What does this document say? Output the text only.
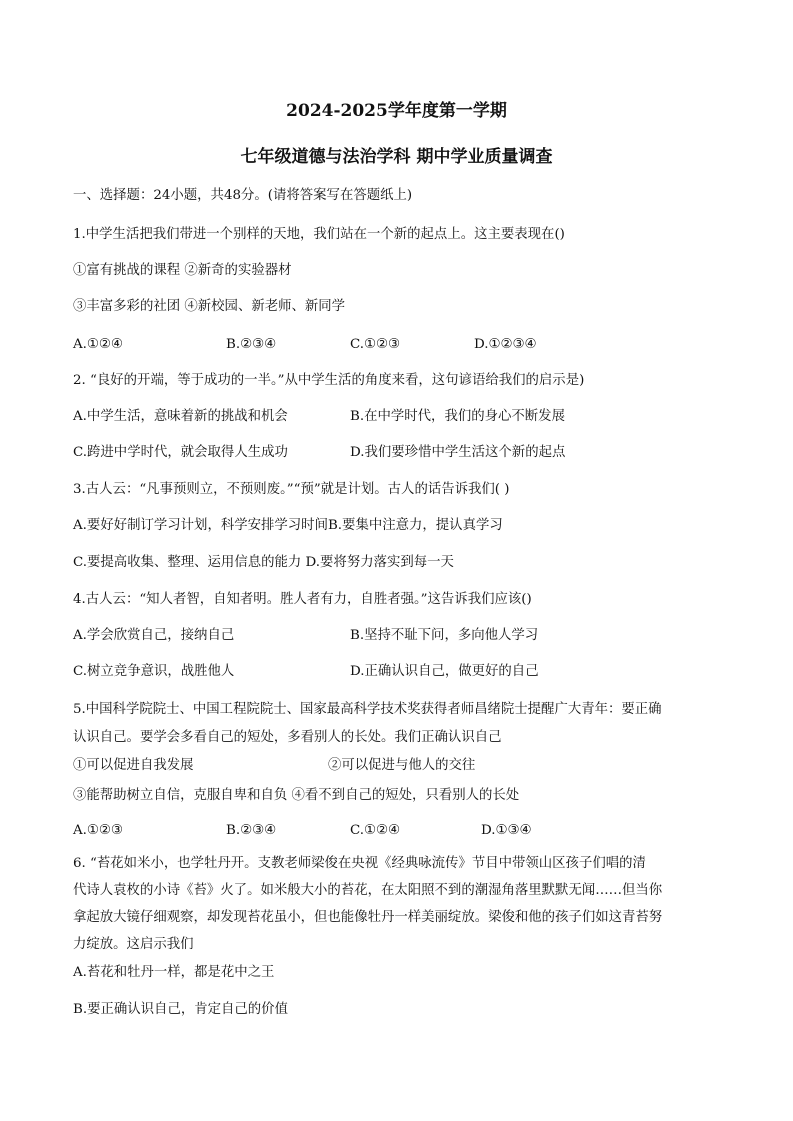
2024-2025学年度第一学期
七年级道德与法治学科 期中学业质量调查
一、选择题：24小题，共48分。(请将答案写在答题纸上)
1.中学生活把我们带进一个别样的天地，我们站在一个新的起点上。这主要表现在()
①富有挑战的课程 ②新奇的实验器材
③丰富多彩的社团 ④新校园、新老师、新同学
A.①②④	B.②③④	C.①②③	D.①②③④
2. “良好的开端，等于成功的一半。”从中学生活的角度来看，这句谚语给我们的启示是)
A.中学生活，意味着新的挑战和机会	B.在中学时代，我们的身心不断发展
C.跨进中学时代，就会取得人生成功	D.我们要珍惜中学生活这个新的起点
3.古人云：“凡事预则立，不预则废。”“预”就是计划。古人的话告诉我们( )
A.要好好制订学习计划，科学安排学习时间B.要集中注意力，提认真学习
C.要提高收集、整理、运用信息的能力 D.要将努力落实到每一天
4.古人云：“知人者智，自知者明。胜人者有力，自胜者强。”这告诉我们应该()
A.学会欣赏自己，接纳自己	B.坚持不耻下问，多向他人学习
C.树立竞争意识，战胜他人	D.正确认识自己，做更好的自己
5.中国科学院院士、中国工程院院士、国家最高科学技术奖获得者师昌绪院士提醒广大青年：要正确
认识自己。要学会多看自己的短处，多看别人的长处。我们正确认识自己
①可以促进自我发展	②可以促进与他人的交往
③能帮助树立自信，克服自卑和自负 ④看不到自己的短处，只看别人的长处
A.①②③	B.②③④	C.①②④	D.①③④
6. “苔花如米小，也学牡丹开。支教老师梁俊在央视《经典咏流传》节目中带领山区孩子们唱的清
代诗人袁枚的小诗《苔》火了。如米般大小的苔花，在太阳照不到的潮湿角落里默默无闻……但当你
拿起放大镜仔细观察，却发现苔花虽小，但也能像牡丹一样美丽绽放。梁俊和他的孩子们如这青苔努
力绽放。这启示我们
A.苔花和牡丹一样，都是花中之王
B.要正确认识自己，肯定自己的价值
